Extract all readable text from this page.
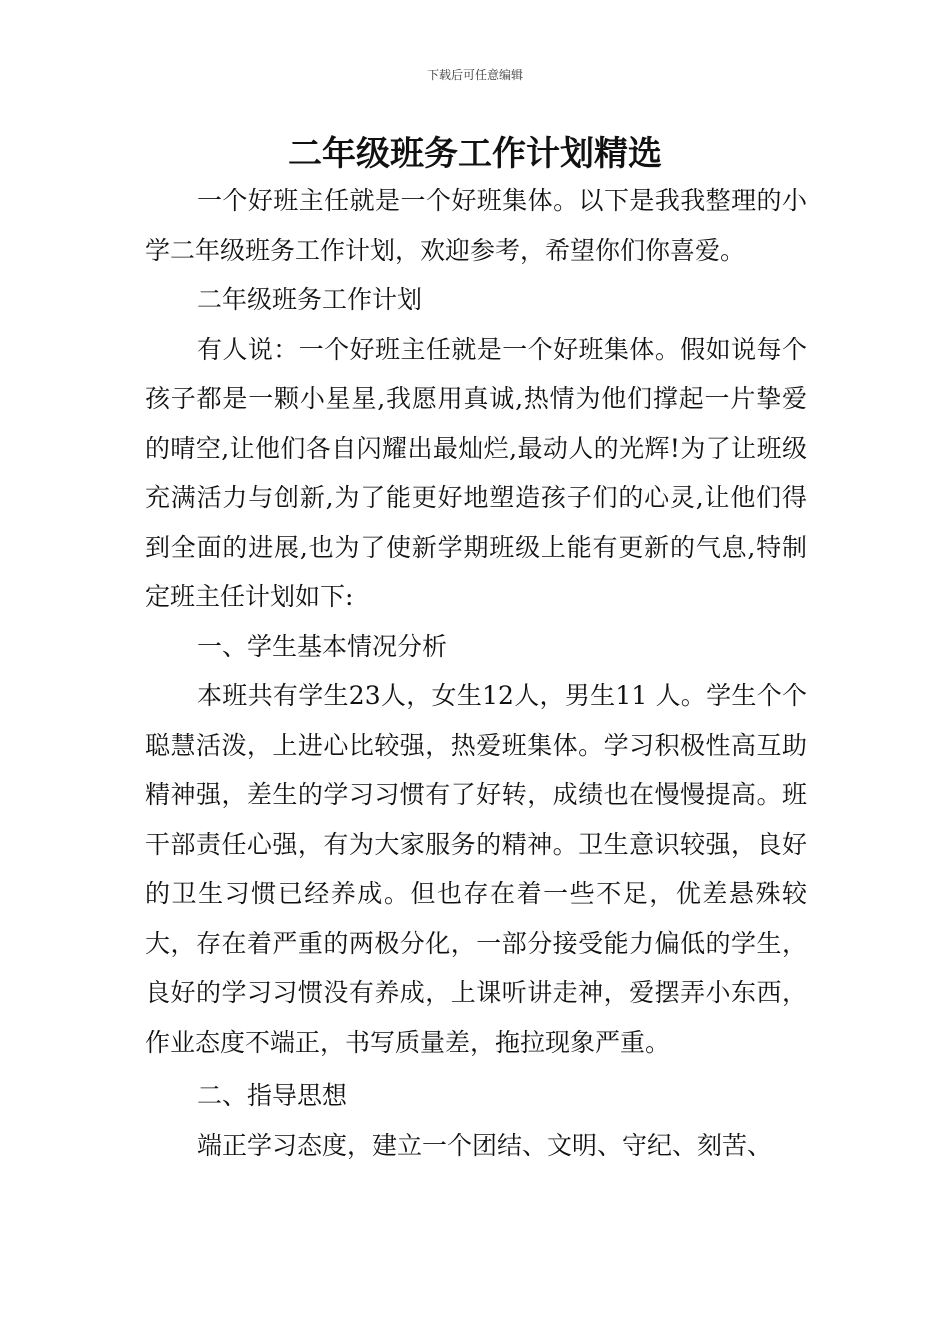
下载后可任意编辑
二年级班务工作计划精选

一个好班主任就是一个好班集体。以下是我我整理的小学二年级班务工作计划，欢迎参考，希望你们你喜爱。

二年级班务工作计划

有人说：一个好班主任就是一个好班集体。假如说每个孩子都是一颗小星星,我愿用真诚,热情为他们撑起一片挚爱的晴空,让他们各自闪耀出最灿烂,最动人的光辉!为了让班级充满活力与创新,为了能更好地塑造孩子们的心灵,让他们得到全面的进展,也为了使新学期班级上能有更新的气息,特制定班主任计划如下:

一、学生基本情况分析

本班共有学生23人，女生12人，男生11 人。学生个个聪慧活泼，上进心比较强，热爱班集体。学习积极性高互助精神强，差生的学习习惯有了好转，成绩也在慢慢提高。班干部责任心强，有为大家服务的精神。卫生意识较强，良好的卫生习惯已经养成。但也存在着一些不足，优差悬殊较大，存在着严重的两极分化，一部分接受能力偏低的学生，良好的学习习惯没有养成，上课听讲走神，爱摆弄小东西，作业态度不端正，书写质量差，拖拉现象严重。

二、指导思想

端正学习态度，建立一个团结、文明、守纪、刻苦、
